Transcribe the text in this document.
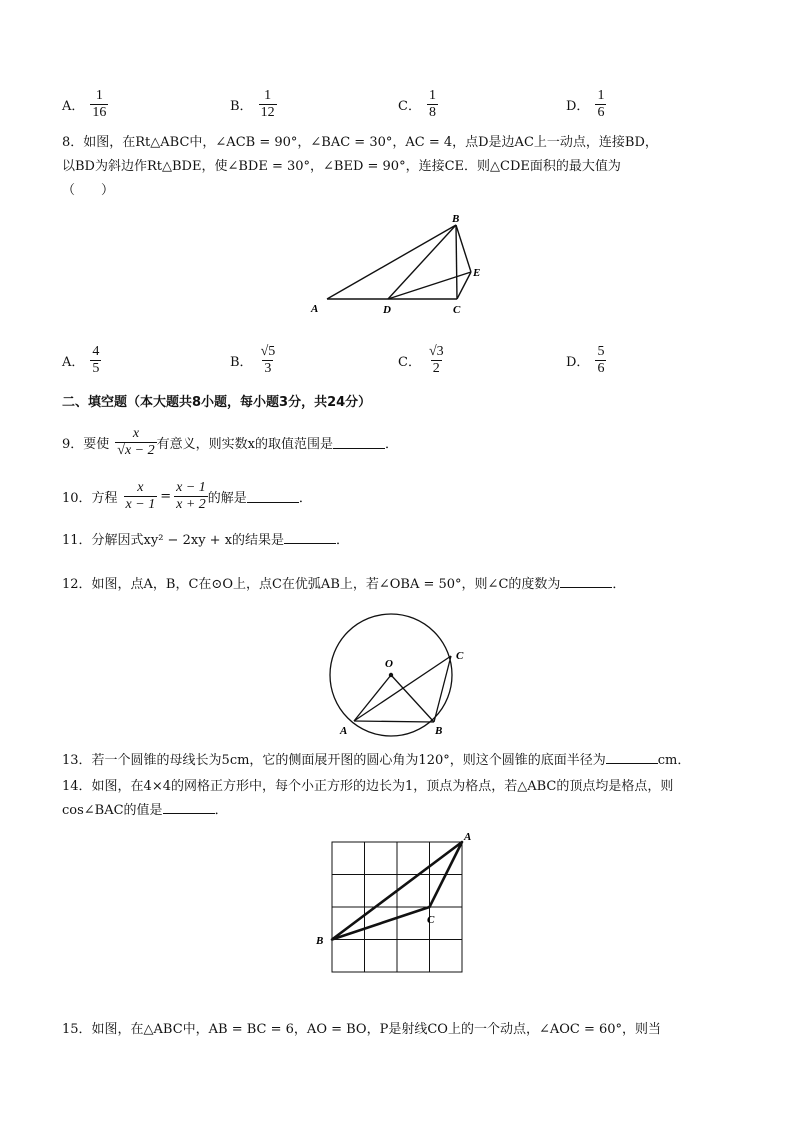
A． $\frac{1}{16}$	B． $\frac{1}{12}$	C． $\frac{1}{8}$	D． $\frac{1}{6}$
8．如图，在Rt△ABC中，∠ACB = 90°，∠BAC = 30°，AC = 4，点D是边AC上一动点，连接BD，
以BD为斜边作Rt△BDE，使∠BDE = 30°，∠BED = 90°，连接CE．则△CDE面积的最大值为
（　　）
A
B
C
D
E
A． $\frac{4}{5}$	B． $\frac{√5}{3}$	C． $\frac{√3}{2}$	D． $\frac{5}{6}$
二、填空题（本大题共8小题，每小题3分，共24分）
9．要使 $\frac{x}{√x - 2}$ 有意义，则实数x的取值范围是	．
10．方程 $\frac{x}{x - 1} = \frac{x - 1}{x + 2}$ 的解是	．
11．分解因式xy² − 2xy + x的结果是	．
12．如图，点A，B，C在⊙O上，点C在优弧AB上，若∠OBA = 50°，则∠C的度数为	．
O
A	B
C
13．若一个圆锥的母线长为5cm，它的侧面展开图的圆心角为120°，则这个圆锥的底面半径为	cm．
14．如图，在4×4的网格正方形中，每个小正方形的边长为1，顶点为格点，若△ABC的顶点均是格点，则
cos∠BAC的值是	．
A
B
C
15．如图，在△ABC中，AB = BC = 6，AO = BO，P是射线CO上的一个动点，∠AOC = 60°，则当
